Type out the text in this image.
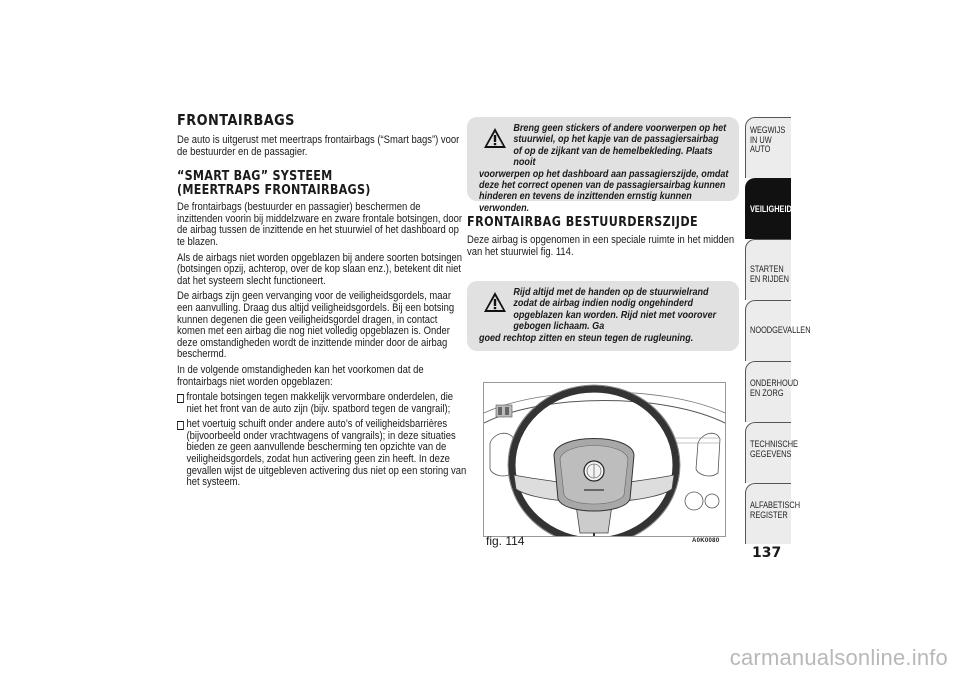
FRONTAIRBAGS

De auto is uitgerust met meertraps frontairbags (“Smart bags”) voor de bestuurder en de passagier.

“SMART BAG” SYSTEEM
(MEERTRAPS FRONTAIRBAGS)

De frontairbags (bestuurder en passagier) beschermen de inzittenden voorin bij middelzware en zware frontale botsingen, door de airbag tussen de inzittende en het stuurwiel of het dashboard op te blazen.

Als de airbags niet worden opgeblazen bij andere soorten botsingen (botsingen opzij, achterop, over de kop slaan enz.), betekent dit niet dat het systeem slecht functioneert.

De airbags zijn geen vervanging voor de veiligheidsgordels, maar een aanvulling. Draag dus altijd veiligheidsgordels. Bij een botsing kunnen degenen die geen veiligheidsgordel dragen, in contact komen met een airbag die nog niet volledig opgeblazen is. Onder deze omstandigheden wordt de inzittende minder door de airbag beschermd.

In de volgende omstandigheden kan het voorkomen dat de frontairbags niet worden opgeblazen:

frontale botsingen tegen makkelijk vervormbare onderdelen, die niet het front van de auto zijn (bijv. spatbord tegen de vangrail);
het voertuig schuift onder andere auto’s of veiligheidsbarrières (bijvoorbeeld onder vrachtwagens of vangrails); in deze situaties bieden ze geen aanvullende bescherming ten opzichte van de veiligheidsgordels, zodat hun activering geen zin heeft. In deze gevallen wijst de uitgebleven activering dus niet op een storing van het systeem.
Breng geen stickers of andere voorwerpen op het stuurwiel, op het kapje van de passagiersairbag of op de zijkant van de hemelbekleding. Plaats nooit
voorwerpen op het dashboard aan passagierszijde, omdat deze het correct openen van de passagiersairbag kunnen hinderen en tevens de inzittenden ernstig kunnen verwonden.
FRONTAIRBAG BESTUURDERSZIJDE

Deze airbag is opgenomen in een speciale ruimte in het midden van het stuurwiel fig. 114.

Rijd altijd met de handen op de stuurwielrand zodat de airbag indien nodig ongehinderd opgeblazen kan worden. Rijd niet met voorover gebogen lichaam. Ga
goed rechtop zitten en steun tegen de rugleuning.
fig. 114	A0K0080
WEGWIJS IN UW AUTO
VEILIGHEID
STARTEN EN RIJDEN
NOODGEVALLEN
ONDERHOUD EN ZORG
TECHNISCHE GEGEVENS
ALFABETISCH REGISTER
137
carmanualsonline.info
